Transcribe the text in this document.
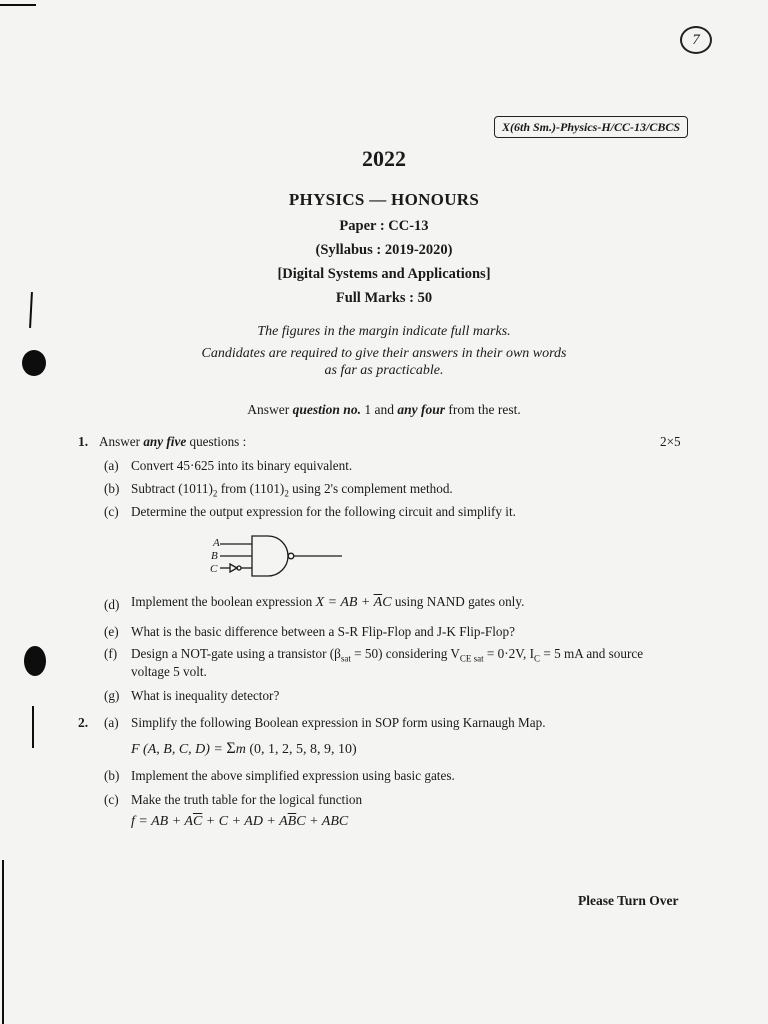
7
X(6th Sm.)-Physics-H/CC-13/CBCS
2022
PHYSICS — HONOURS
Paper : CC-13
(Syllabus : 2019-2020)
[Digital Systems and Applications]
Full Marks : 50
The figures in the margin indicate full marks.
Candidates are required to give their answers in their own words
as far as practicable.
Answer question no. 1 and any four from the rest.
1. Answer any five questions :	2×5
(a) Convert 45·625 into its binary equivalent.
(b) Subtract $(1011)_2$ from $(1101)_2$ using 2's complement method.
(c) Determine the output expression for the following circuit and simplify it.
A
B
C
(d) Implement the boolean expression X = AB + $\overline{A}C$ using NAND gates only.
(e) What is the basic difference between a S-R Flip-Flop and J-K Flip-Flop?
(f) Design a NOT-gate using a transistor $(\beta_{sat} = 50)$ considering $V_{CE sat} = 0\cdot 2V$, $I_C = 5$ mA and source
voltage 5 volt.
(g) What is inequality detector?
2. (a) Simplify the following Boolean expression in SOP form using Karnaugh Map.
F (A, B, C, D) = Σm (0, 1, 2, 5, 8, 9, 10)
(b) Implement the above simplified expression using basic gates.
(c) Make the truth table for the logical function
f = AB + $A\overline{C} + C$ + AD + $A\overline{B}C$ + ABC
Please Turn Over
